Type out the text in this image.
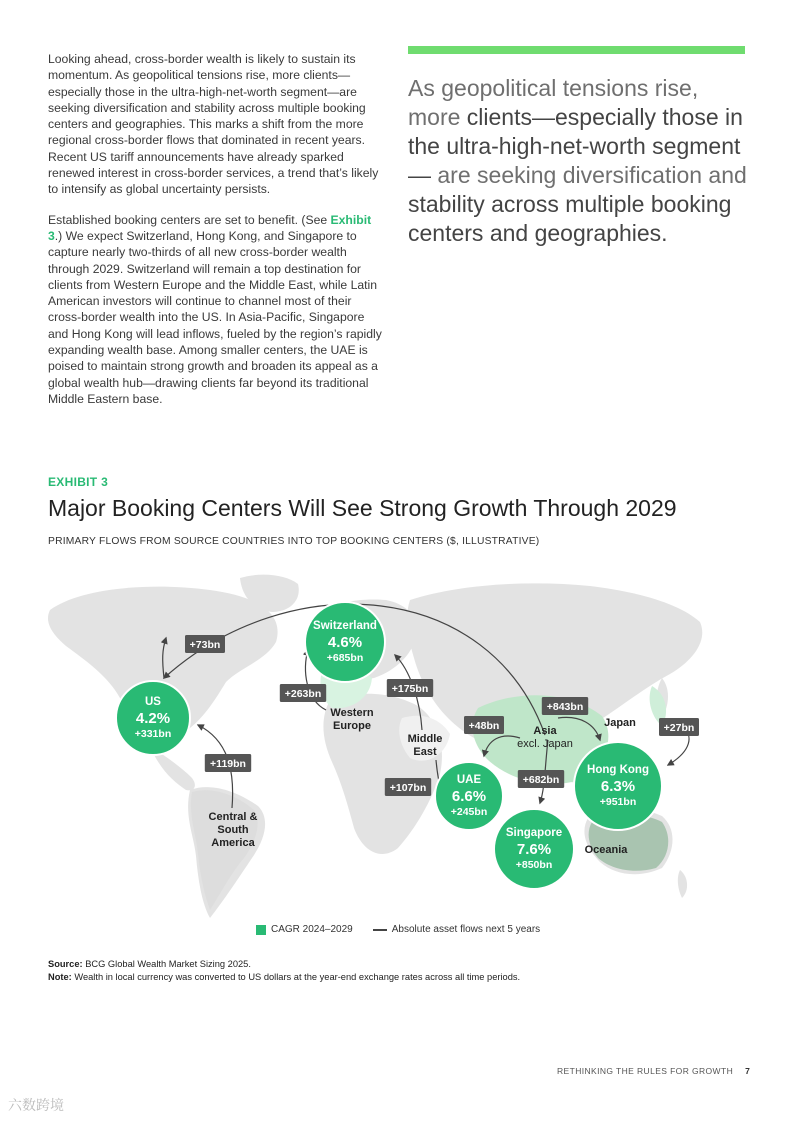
Looking ahead, cross-border wealth is likely to sustain its momentum. As geopolitical tensions rise, more clients—especially those in the ultra-high-net-worth segment—are seeking diversification and stability across multiple booking centers and geographies. This marks a shift from the more regional cross-border flows that dominated in recent years. Recent US tariff announcements have already sparked renewed interest in cross-border services, a trend that’s likely to intensify as global uncertainty persists.

Established booking centers are set to benefit. (See Exhibit 3.) We expect Switzerland, Hong Kong, and Singapore to capture nearly two-thirds of all new cross-border wealth through 2029. Switzerland will remain a top destination for clients from Western Europe and the Middle East, while Latin American investors will continue to channel most of their cross-border wealth into the US. In Asia-Pacific, Singapore and Hong Kong will lead inflows, fueled by the region’s rapidly expanding wealth base. Among smaller centers, the UAE is poised to maintain strong growth and broaden its appeal as a global wealth hub—drawing clients far beyond its traditional Middle Eastern base.

As geopolitical tensions rise, more clients—especially those in the ultra-high-net-worth segment— are seeking diversification and stability across multiple booking centers and geographies.
EXHIBIT 3
Major Booking Centers Will See Strong Growth Through 2029
PRIMARY FLOWS FROM SOURCE COUNTRIES INTO TOP BOOKING CENTERS ($, ILLUSTRATIVE)
Western Europe
Middle East
Asia excl. Japan
Japan
Oceania
Central & South America
Switzerland
4.6%
+685bn
US
4.2%
+331bn
UAE
6.6%
+245bn
Hong Kong
6.3%
+951bn
Singapore
7.6%
+850bn
+73bn
+263bn	+175bn
+119bn
+48bn
+843bn
+27bn
+107bn
+682bn
CAGR 2024–2029	Absolute asset flows next 5 years
Source: BCG Global Wealth Market Sizing 2025.
Note: Wealth in local currency was converted to US dollars at the year-end exchange rates across all time periods.
RETHINKING THE RULES FOR GROWTH 7
六数跨境
